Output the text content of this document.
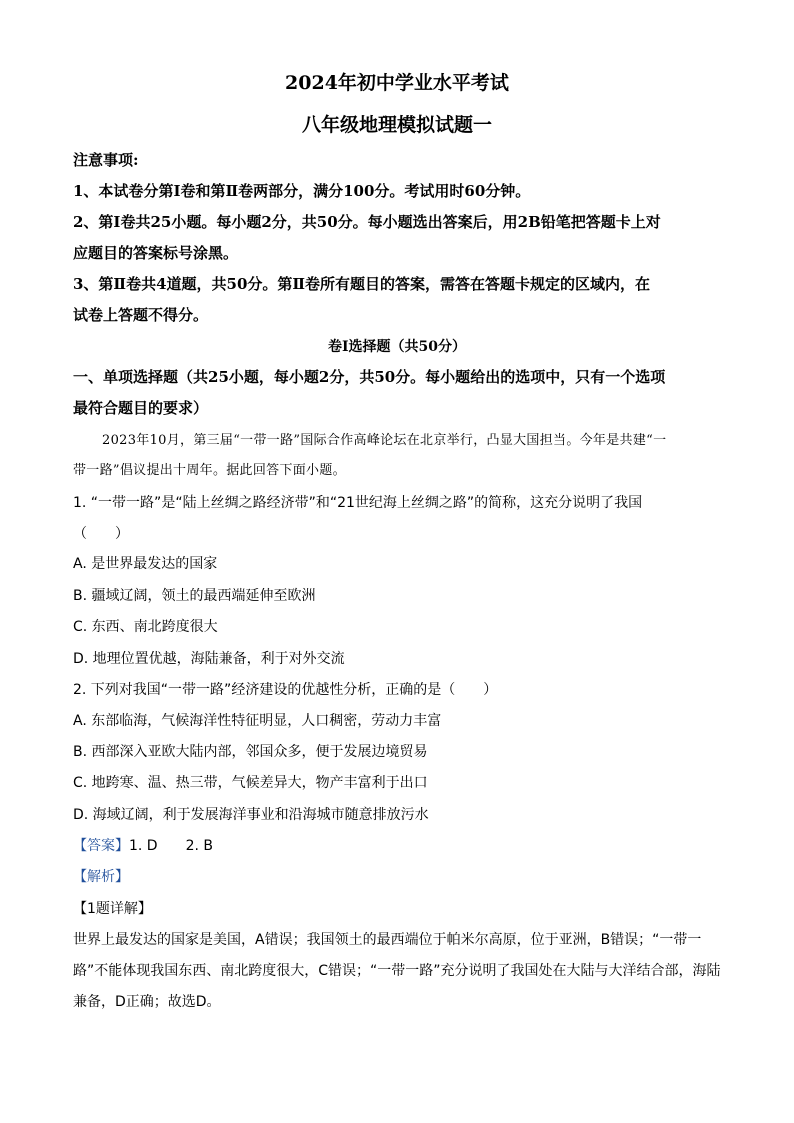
2024年初中学业水平考试
八年级地理模拟试题一
注意事项:
1、本试卷分第Ⅰ卷和第Ⅱ卷两部分，满分100分。考试用时60分钟。
2、第Ⅰ卷共25小题。每小题2分，共50分。每小题选出答案后，用2B铅笔把答题卡上对
应题目的答案标号涂黑。
3、第Ⅱ卷共4道题，共50分。第Ⅱ卷所有题目的答案，需答在答题卡规定的区域内，在
试卷上答题不得分。
卷Ⅰ选择题（共50分）
一、单项选择题（共25小题，每小题2分，共50分。每小题给出的选项中，只有一个选项
最符合题目的要求）
2023年10月，第三届“一带一路”国际合作高峰论坛在北京举行，凸显大国担当。今年是共建“一
带一路”倡议提出十周年。据此回答下面小题。
1. “一带一路”是“陆上丝绸之路经济带”和“21世纪海上丝绸之路”的简称，这充分说明了我国
（　　）
A. 是世界最发达的国家
B. 疆域辽阔，领土的最西端延伸至欧洲
C. 东西、南北跨度很大
D. 地理位置优越，海陆兼备，利于对外交流
2. 下列对我国“一带一路”经济建设的优越性分析，正确的是（　　）
A. 东部临海，气候海洋性特征明显，人口稠密，劳动力丰富
B. 西部深入亚欧大陆内部，邻国众多，便于发展边境贸易
C. 地跨寒、温、热三带，气候差异大，物产丰富利于出口
D. 海域辽阔，利于发展海洋事业和沿海城市随意排放污水
【答案】1. D 2. B
【解析】
【1题详解】
世界上最发达的国家是美国，A错误；我国领土的最西端位于帕米尔高原，位于亚洲，B错误；“一带一
路”不能体现我国东西、南北跨度很大，C错误；“一带一路”充分说明了我国处在大陆与大洋结合部，海陆
兼备，D正确；故选D。
